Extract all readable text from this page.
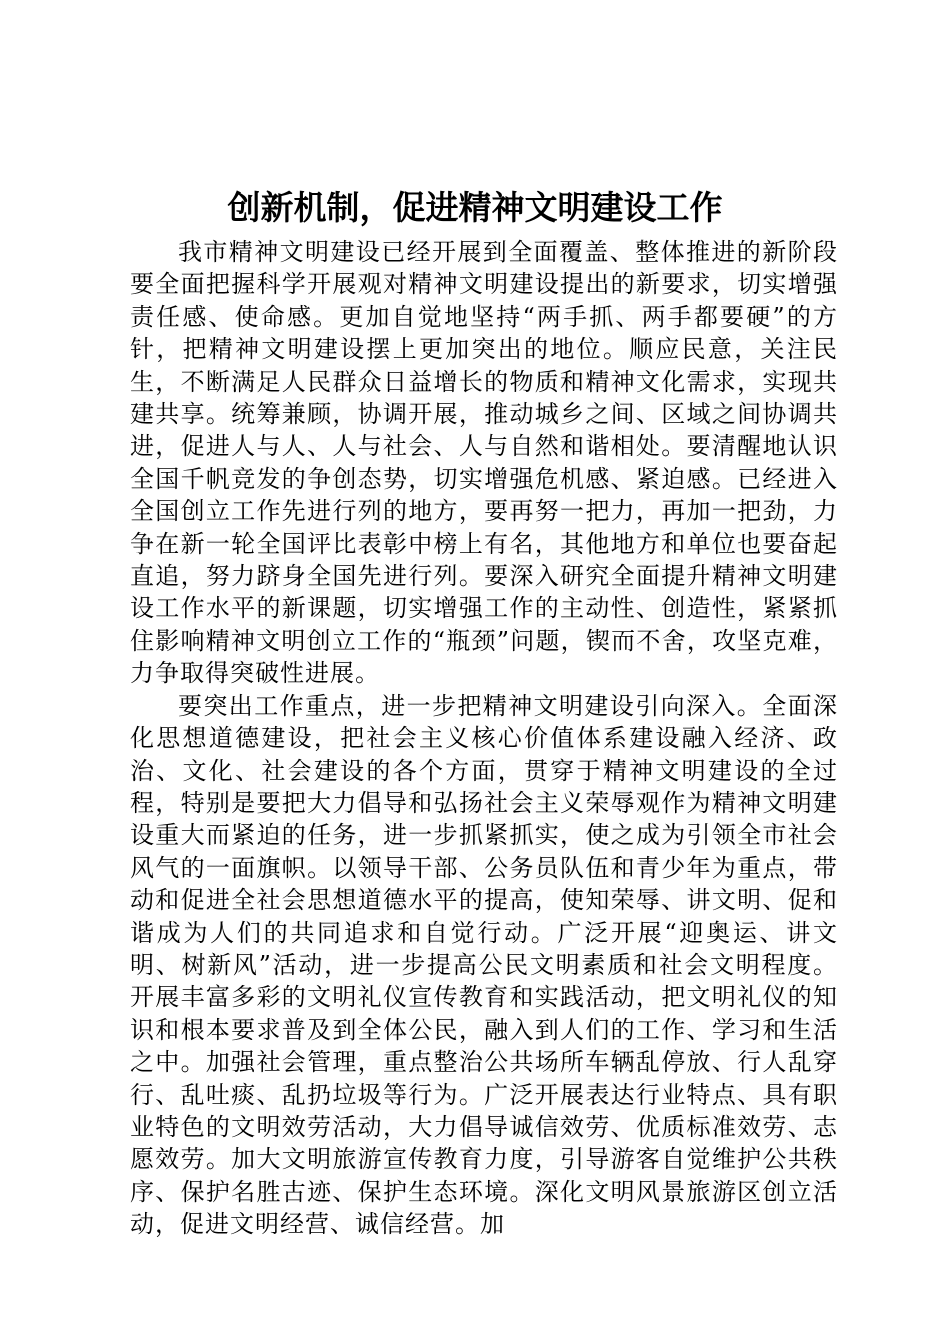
创新机制，促进精神文明建设工作

我市精神文明建设已经开展到全面覆盖、整体推进的新阶段要全面把握科学开展观对精神文明建设提出的新要求，切实增强责任感、使命感。更加自觉地坚持“两手抓、两手都要硬”的方针，把精神文明建设摆上更加突出的地位。顺应民意，关注民生，不断满足人民群众日益增长的物质和精神文化需求，实现共建共享。统筹兼顾，协调开展，推动城乡之间、区域之间协调共进，促进人与人、人与社会、人与自然和谐相处。要清醒地认识全国千帆竞发的争创态势，切实增强危机感、紧迫感。已经进入全国创立工作先进行列的地方，要再努一把力，再加一把劲，力争在新一轮全国评比表彰中榜上有名，其他地方和单位也要奋起直追，努力跻身全国先进行列。要深入研究全面提升精神文明建设工作水平的新课题，切实增强工作的主动性、创造性，紧紧抓住影响精神文明创立工作的“瓶颈”问题，锲而不舍，攻坚克难，力争取得突破性进展。

要突出工作重点，进一步把精神文明建设引向深入。全面深化思想道德建设，把社会主义核心价值体系建设融入经济、政治、文化、社会建设的各个方面，贯穿于精神文明建设的全过程，特别是要把大力倡导和弘扬社会主义荣辱观作为精神文明建设重大而紧迫的任务，进一步抓紧抓实，使之成为引领全市社会风气的一面旗帜。以领导干部、公务员队伍和青少年为重点，带动和促进全社会思想道德水平的提高，使知荣辱、讲文明、促和谐成为人们的共同追求和自觉行动。广泛开展“迎奥运、讲文明、树新风”活动，进一步提高公民文明素质和社会文明程度。开展丰富多彩的文明礼仪宣传教育和实践活动，把文明礼仪的知识和根本要求普及到全体公民，融入到人们的工作、学习和生活之中。加强社会管理，重点整治公共场所车辆乱停放、行人乱穿行、乱吐痰、乱扔垃圾等行为。广泛开展表达行业特点、具有职业特色的文明效劳活动，大力倡导诚信效劳、优质标准效劳、志愿效劳。加大文明旅游宣传教育力度，引导游客自觉维护公共秩序、保护名胜古迹、保护生态环境。深化文明风景旅游区创立活动，促进文明经营、诚信经营。加
